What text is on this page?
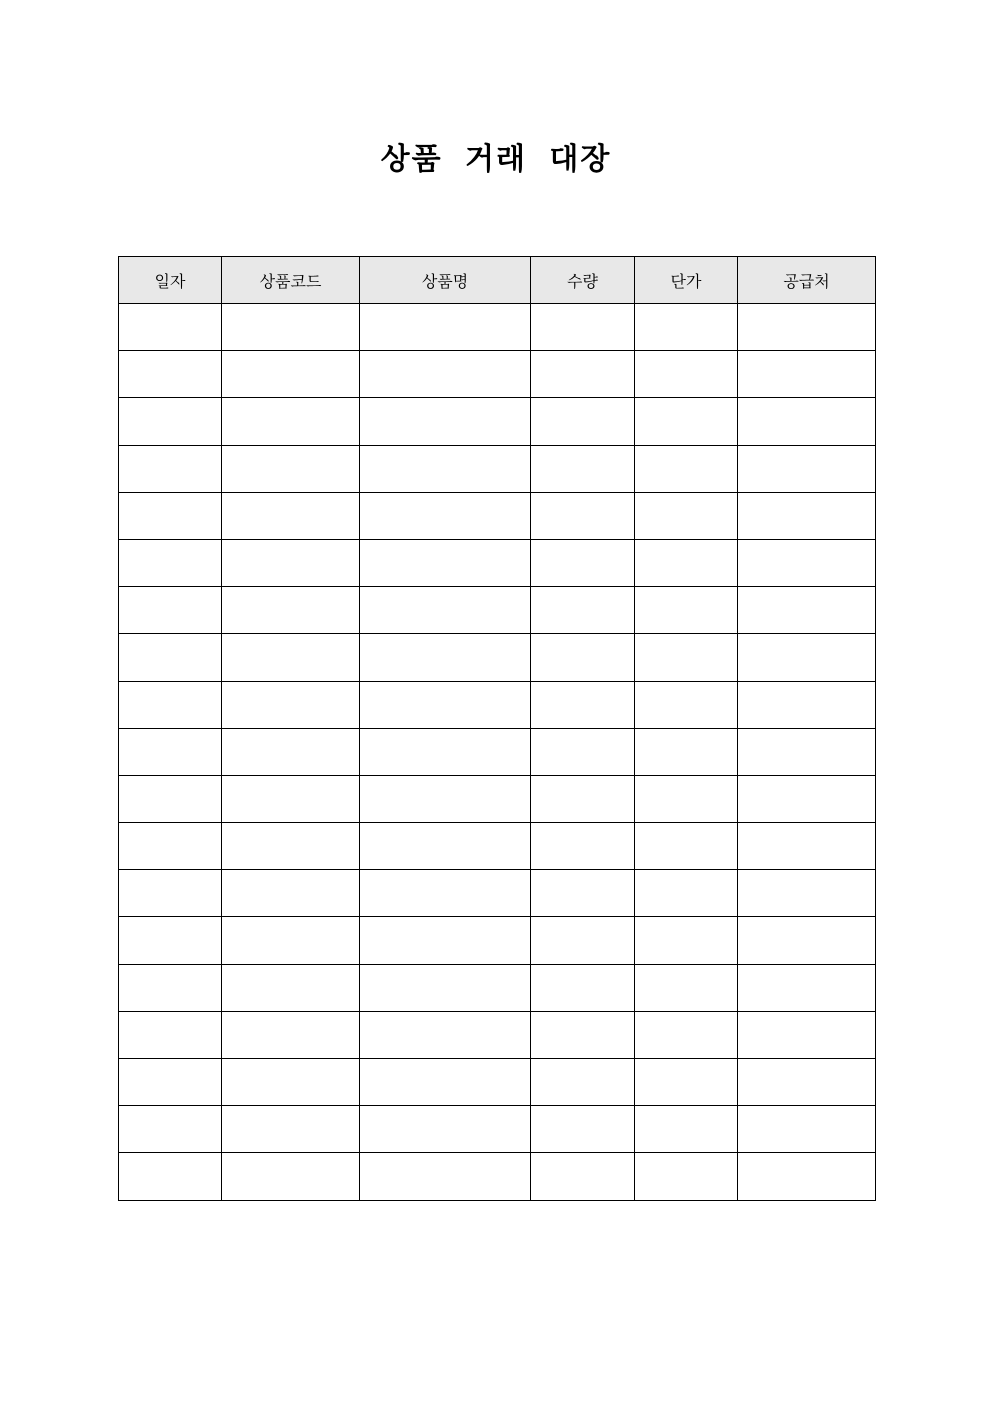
상품 거래 대장
일자	상품코드	상품명	수량	단가	공급처
